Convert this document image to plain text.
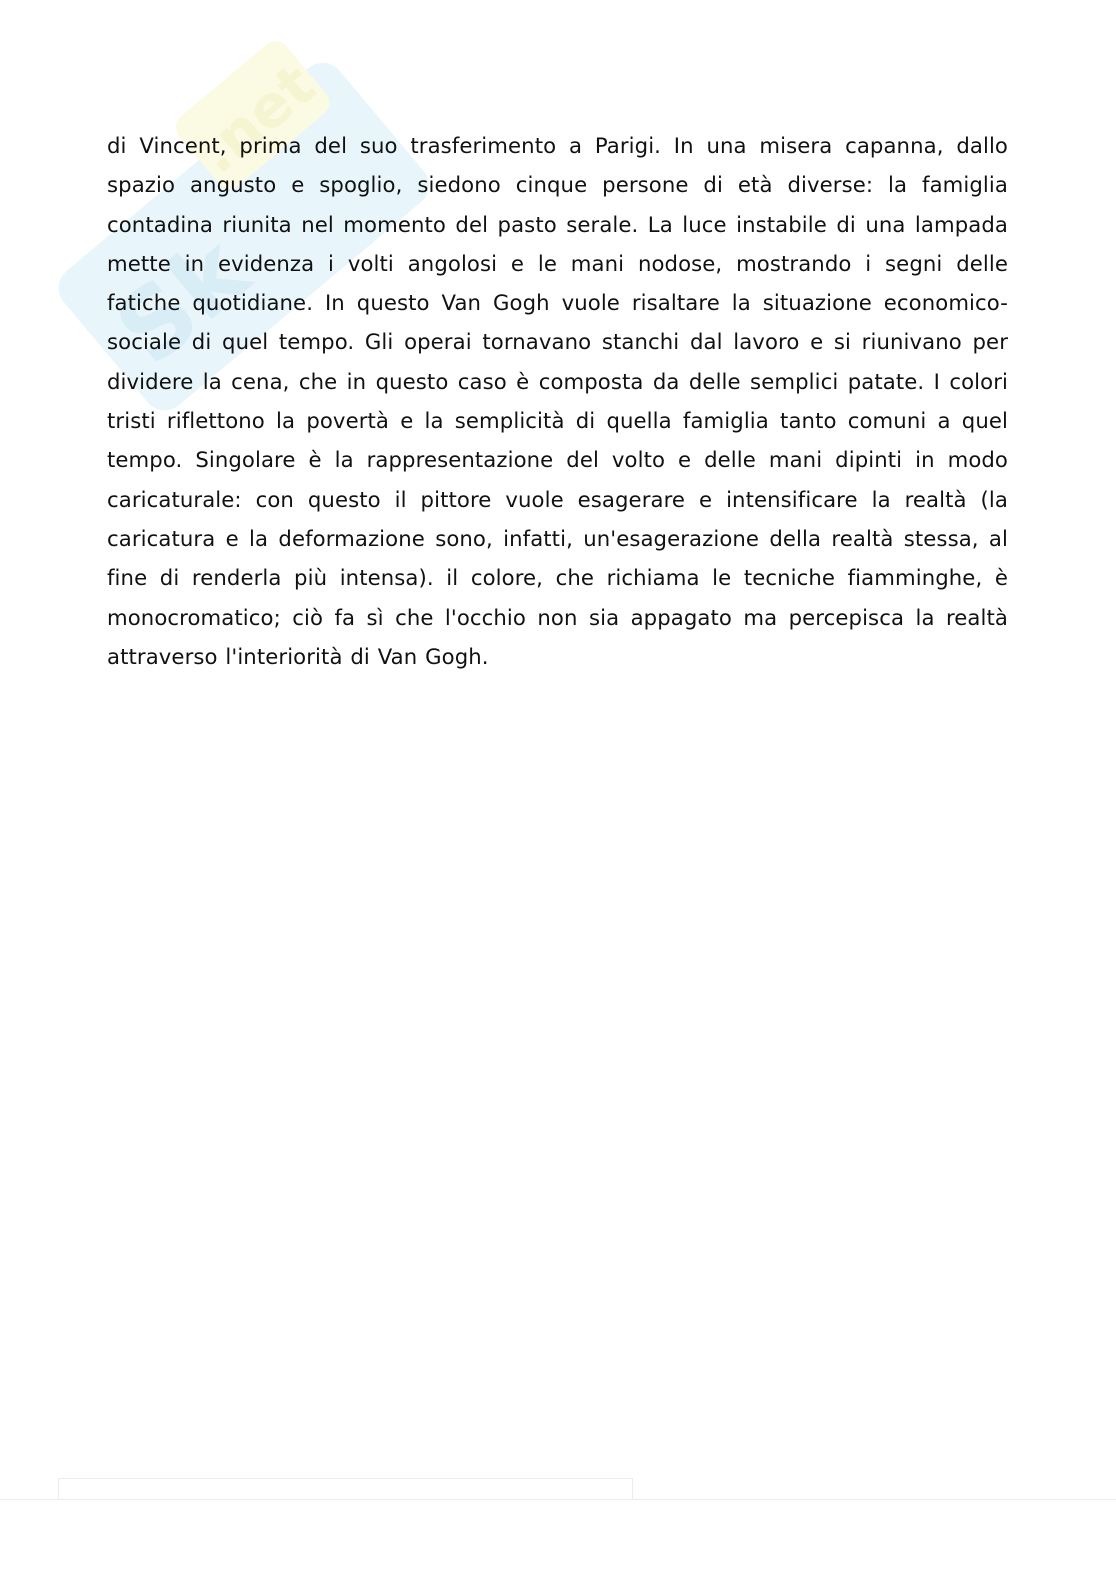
Sk
.net

di Vincent, prima del suo trasferimento a Parigi. In una misera capanna, dallo spazio angusto e spoglio, siedono cinque persone di età diverse: la famiglia contadina riunita nel momento del pasto serale. La luce instabile di una lampada mette in evidenza i volti angolosi e le mani nodose, mostrando i segni delle fatiche quotidiane. In questo Van Gogh vuole risaltare la situazione economico-sociale di quel tempo. Gli operai tornavano stanchi dal lavoro e si riunivano per dividere la cena, che in questo caso è composta da delle semplici patate. I colori tristi riflettono la povertà e la semplicità di quella famiglia tanto comuni a quel tempo. Singolare è la rappresentazione del volto e delle mani dipinti in modo caricaturale: con questo il pittore vuole esagerare e intensificare la realtà (la caricatura e la deformazione sono, infatti, un'esagerazione della realtà stessa, al fine di renderla più intensa). il colore, che richiama le tecniche fiamminghe, è monocromatico; ciò fa sì che l'occhio non sia appagato ma percepisca la realtà attraverso l'interiorità di Van Gogh.
